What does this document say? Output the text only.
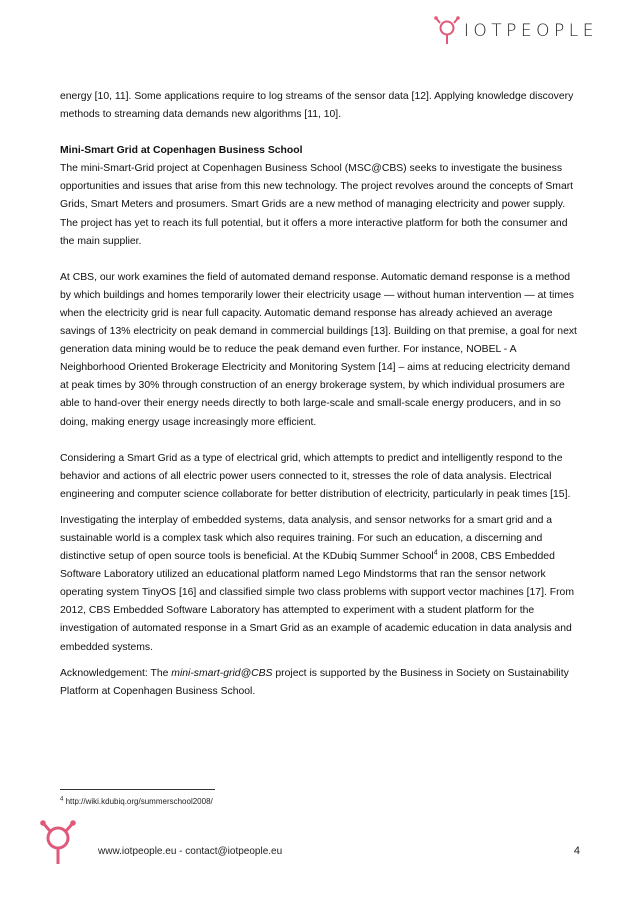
IOTPEOPLE

energy [10, 11]. Some applications require to log streams of the sensor data [12]. Applying knowledge discovery methods to streaming data demands new algorithms [11, 10].

Mini-Smart Grid at Copenhagen Business School

The mini-Smart-Grid project at Copenhagen Business School (MSC@CBS) seeks to investigate the business opportunities and issues that arise from this new technology. The project revolves around the concepts of Smart Grids, Smart Meters and prosumers. Smart Grids are a new method of managing electricity and power supply. The project has yet to reach its full potential, but it offers a more interactive platform for both the consumer and the main supplier.

At CBS, our work examines the field of automated demand response. Automatic demand response is a method by which buildings and homes temporarily lower their electricity usage — without human intervention — at times when the electricity grid is near full capacity. Automatic demand response has already achieved an average savings of 13% electricity on peak demand in commercial buildings [13]. Building on that premise, a goal for next generation data mining would be to reduce the peak demand even further. For instance, NOBEL - A Neighborhood Oriented Brokerage Electricity and Monitoring System [14] – aims at reducing electricity demand at peak times by 30% through construction of an energy brokerage system, by which individual prosumers are able to hand-over their energy needs directly to both large-scale and small-scale energy producers, and in so doing, making energy usage increasingly more efficient.

Considering a Smart Grid as a type of electrical grid, which attempts to predict and intelligently respond to the behavior and actions of all electric power users connected to it, stresses the role of data analysis. Electrical engineering and computer science collaborate for better distribution of electricity, particularly in peak times [15].

Investigating the interplay of embedded systems, data analysis, and sensor networks for a smart grid and a sustainable world is a complex task which also requires training. For such an education, a discerning and distinctive setup of open source tools is beneficial. At the KDubiq Summer School$^4$ in 2008, CBS Embedded Software Laboratory utilized an educational platform named Lego Mindstorms that ran the sensor network operating system TinyOS [16] and classified simple two class problems with support vector machines [17]. From 2012, CBS Embedded Software Laboratory has attempted to experiment with a student platform for the investigation of automated response in a Smart Grid as an example of academic education in data analysis and embedded systems.

Acknowledgement: The mini-smart-grid@CBS project is supported by the Business in Society on Sustainability Platform at Copenhagen Business School.

$^4$ http://wiki.kdubiq.org/summerschool2008/
www.iotpeople.eu - contact@iotpeople.eu	4
